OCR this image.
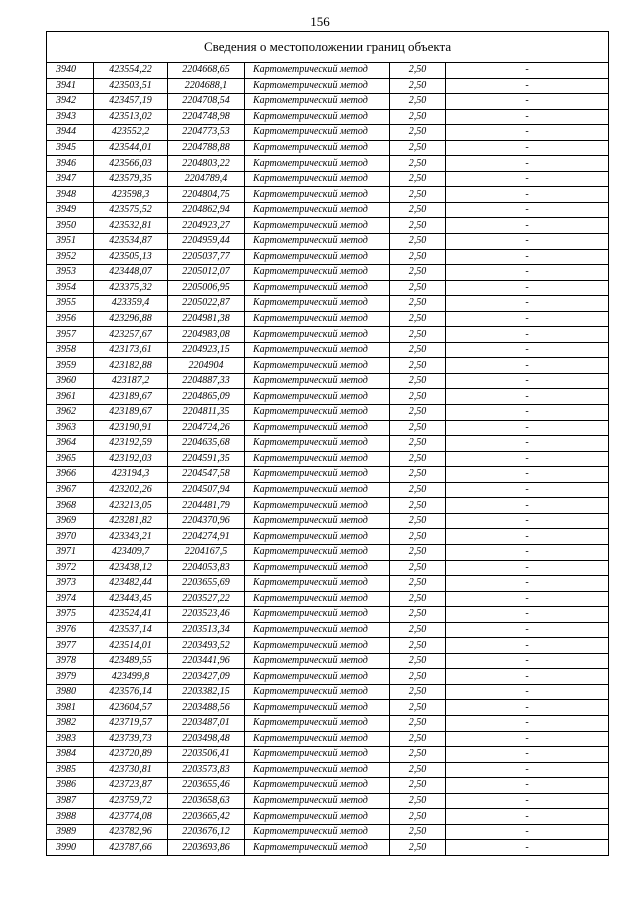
156
Сведения о местоположении границ объекта					
3940	423554,22	2204668,65	Картометрический метод	2,50	-
3941	423503,51	2204688,1	Картометрический метод	2,50	-
3942	423457,19	2204708,54	Картометрический метод	2,50	-
3943	423513,02	2204748,98	Картометрический метод	2,50	-
3944	423552,2	2204773,53	Картометрический метод	2,50	-
3945	423544,01	2204788,88	Картометрический метод	2,50	-
3946	423566,03	2204803,22	Картометрический метод	2,50	-
3947	423579,35	2204789,4	Картометрический метод	2,50	-
3948	423598,3	2204804,75	Картометрический метод	2,50	-
3949	423575,52	2204862,94	Картометрический метод	2,50	-
3950	423532,81	2204923,27	Картометрический метод	2,50	-
3951	423534,87	2204959,44	Картометрический метод	2,50	-
3952	423505,13	2205037,77	Картометрический метод	2,50	-
3953	423448,07	2205012,07	Картометрический метод	2,50	-
3954	423375,32	2205006,95	Картометрический метод	2,50	-
3955	423359,4	2205022,87	Картометрический метод	2,50	-
3956	423296,88	2204981,38	Картометрический метод	2,50	-
3957	423257,67	2204983,08	Картометрический метод	2,50	-
3958	423173,61	2204923,15	Картометрический метод	2,50	-
3959	423182,88	2204904	Картометрический метод	2,50	-
3960	423187,2	2204887,33	Картометрический метод	2,50	-
3961	423189,67	2204865,09	Картометрический метод	2,50	-
3962	423189,67	2204811,35	Картометрический метод	2,50	-
3963	423190,91	2204724,26	Картометрический метод	2,50	-
3964	423192,59	2204635,68	Картометрический метод	2,50	-
3965	423192,03	2204591,35	Картометрический метод	2,50	-
3966	423194,3	2204547,58	Картометрический метод	2,50	-
3967	423202,26	2204507,94	Картометрический метод	2,50	-
3968	423213,05	2204481,79	Картометрический метод	2,50	-
3969	423281,82	2204370,96	Картометрический метод	2,50	-
3970	423343,21	2204274,91	Картометрический метод	2,50	-
3971	423409,7	2204167,5	Картометрический метод	2,50	-
3972	423438,12	2204053,83	Картометрический метод	2,50	-
3973	423482,44	2203655,69	Картометрический метод	2,50	-
3974	423443,45	2203527,22	Картометрический метод	2,50	-
3975	423524,41	2203523,46	Картометрический метод	2,50	-
3976	423537,14	2203513,34	Картометрический метод	2,50	-
3977	423514,01	2203493,52	Картометрический метод	2,50	-
3978	423489,55	2203441,96	Картометрический метод	2,50	-
3979	423499,8	2203427,09	Картометрический метод	2,50	-
3980	423576,14	2203382,15	Картометрический метод	2,50	-
3981	423604,57	2203488,56	Картометрический метод	2,50	-
3982	423719,57	2203487,01	Картометрический метод	2,50	-
3983	423739,73	2203498,48	Картометрический метод	2,50	-
3984	423720,89	2203506,41	Картометрический метод	2,50	-
3985	423730,81	2203573,83	Картометрический метод	2,50	-
3986	423723,87	2203655,46	Картометрический метод	2,50	-
3987	423759,72	2203658,63	Картометрический метод	2,50	-
3988	423774,08	2203665,42	Картометрический метод	2,50	-
3989	423782,96	2203676,12	Картометрический метод	2,50	-
3990	423787,66	2203693,86	Картометрический метод	2,50	-
